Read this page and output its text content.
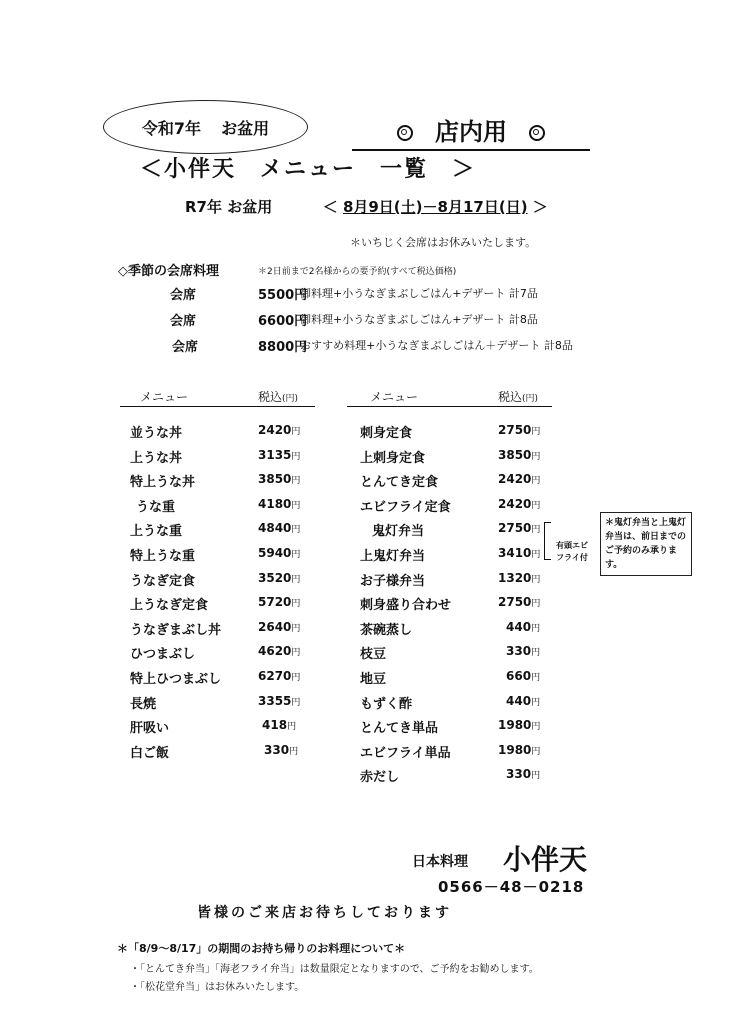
令和7年 お盆用	店内用
＜小伴天　メニュー　一覧　＞
R7年 お盆用	＜ 8月9日(土)－8月17日(日) ＞
＊いちじく会席はお休みいたします。
◇季節の会席料理	＊2日前まで2名様からの要予約(すべて税込価格)
会席	5500円
御料理+小うなぎまぶしごはん+デザート 計7品
会席	6600円
御料理+小うなぎまぶしごはん+デザート 計8品
会席	8800円
おすすめ料理+小うなぎまぶしごはん＋デザート 計8品
メニュー	税込(円)	メニュー	税込(円)
並うな丼	2420円
上うな丼	3135円
特上うな丼	3850円
うな重	4180円
上うな重	4840円
特上うな重	5940円
うなぎ定食	3520円
上うなぎ定食	5720円
うなぎまぶし丼	2640円
ひつまぶし	4620円
特上ひつまぶし	6270円
長焼	3355円
肝吸い	418円
白ご飯	330円
刺身定食	2750円
上刺身定食	3850円
とんてき定食	2420円
エビフライ定食	2420円
鬼灯弁当	2750円
上鬼灯弁当	3410円
お子様弁当	1320円
刺身盛り合わせ	2750円
茶碗蒸し	440円
枝豆	330円
地豆	660円
もずく酢	440円
とんてき単品	1980円
エビフライ単品	1980円
赤だし	330円
有頭エビ
フライ付
＊鬼灯弁当と上鬼灯弁当は、前日までのご予約のみ承ります。
日本料理 小伴天
0566－48－0218
皆様のご来店お待ちしております
＊「8/9～8/17」の期間のお持ち帰りのお料理について＊
・「とんてき弁当」「海老フライ弁当」は数量限定となりますので、ご予約をお勧めします。
・「松花堂弁当」はお休みいたします。
